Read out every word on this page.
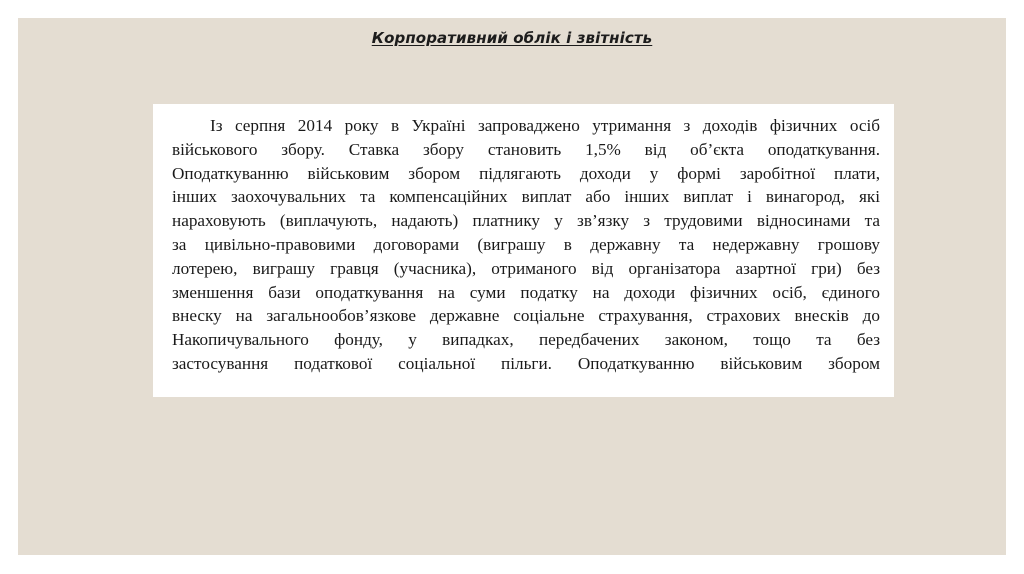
Корпоративний облік і звітність
Із серпня 2014 року в Україні запроваджено утримання з доходів фізичних осіб
військового збору. Ставка збору становить 1,5% від об’єкта оподаткування.
Оподаткуванню військовим збором підлягають доходи у формі заробітної плати,
інших заохочувальних та компенсаційних виплат або інших виплат і винагород, які
нараховують (виплачують, надають) платнику у зв’язку з трудовими відносинами та
за цивільно-правовими договорами (виграшу в державну та недержавну грошову
лотерею, виграшу гравця (учасника), отриманого від організатора азартної гри) без
зменшення бази оподаткування на суми податку на доходи фізичних осіб, єдиного
внеску на загальнообов’язкове державне соціальне страхування, страхових внесків до
Накопичувального фонду, у випадках, передбачених законом, тощо та без
застосування податкової соціальної пільги. Оподаткуванню військовим збором
